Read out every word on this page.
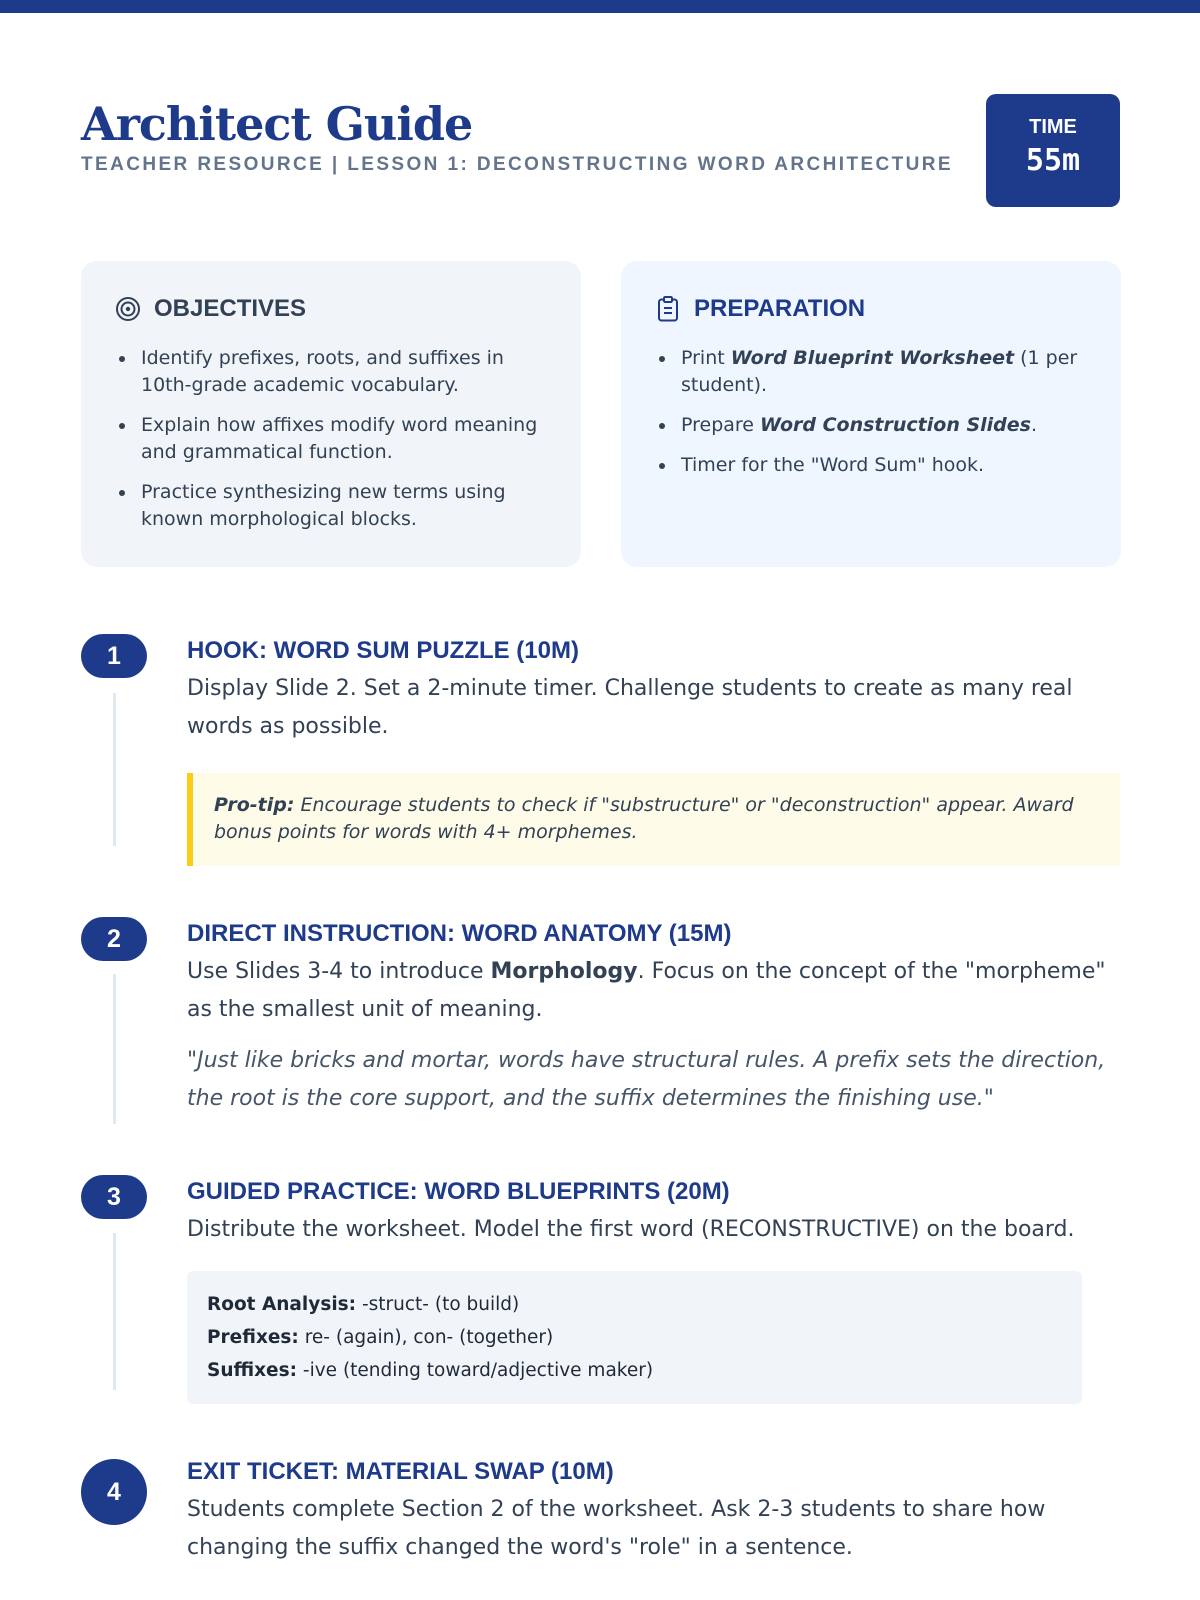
Architect Guide
TEACHER RESOURCE | LESSON 1: DECONSTRUCTING WORD ARCHITECTURE
TIME
55m
OBJECTIVES
Identify prefixes, roots, and suffixes in 10th-grade academic vocabulary.
Explain how affixes modify word meaning and grammatical function.
Practice synthesizing new terms using known morphological blocks.
PREPARATION
Print Word Blueprint Worksheet (1 per student).
Prepare Word Construction Slides.
Timer for the "Word Sum" hook.
1	HOOK: WORD SUM PUZZLE (10M)
Display Slide 2. Set a 2-minute timer. Challenge students to create as many real words as possible.
Pro-tip: Encourage students to check if "substructure" or "deconstruction" appear. Award bonus points for words with 4+ morphemes.
2	DIRECT INSTRUCTION: WORD ANATOMY (15M)
Use Slides 3-4 to introduce Morphology. Focus on the concept of the "morpheme" as the smallest unit of meaning.
"Just like bricks and mortar, words have structural rules. A prefix sets the direction, the root is the core support, and the suffix determines the finishing use."
3	GUIDED PRACTICE: WORD BLUEPRINTS (20M)
Distribute the worksheet. Model the first word (RECONSTRUCTIVE) on the board.
Root Analysis: -struct- (to build)
Prefixes: re- (again), con- (together)
Suffixes: -ive (tending toward/adjective maker)
4
EXIT TICKET: MATERIAL SWAP (10M)
Students complete Section 2 of the worksheet. Ask 2-3 students to share how changing the suffix changed the word's "role" in a sentence.
